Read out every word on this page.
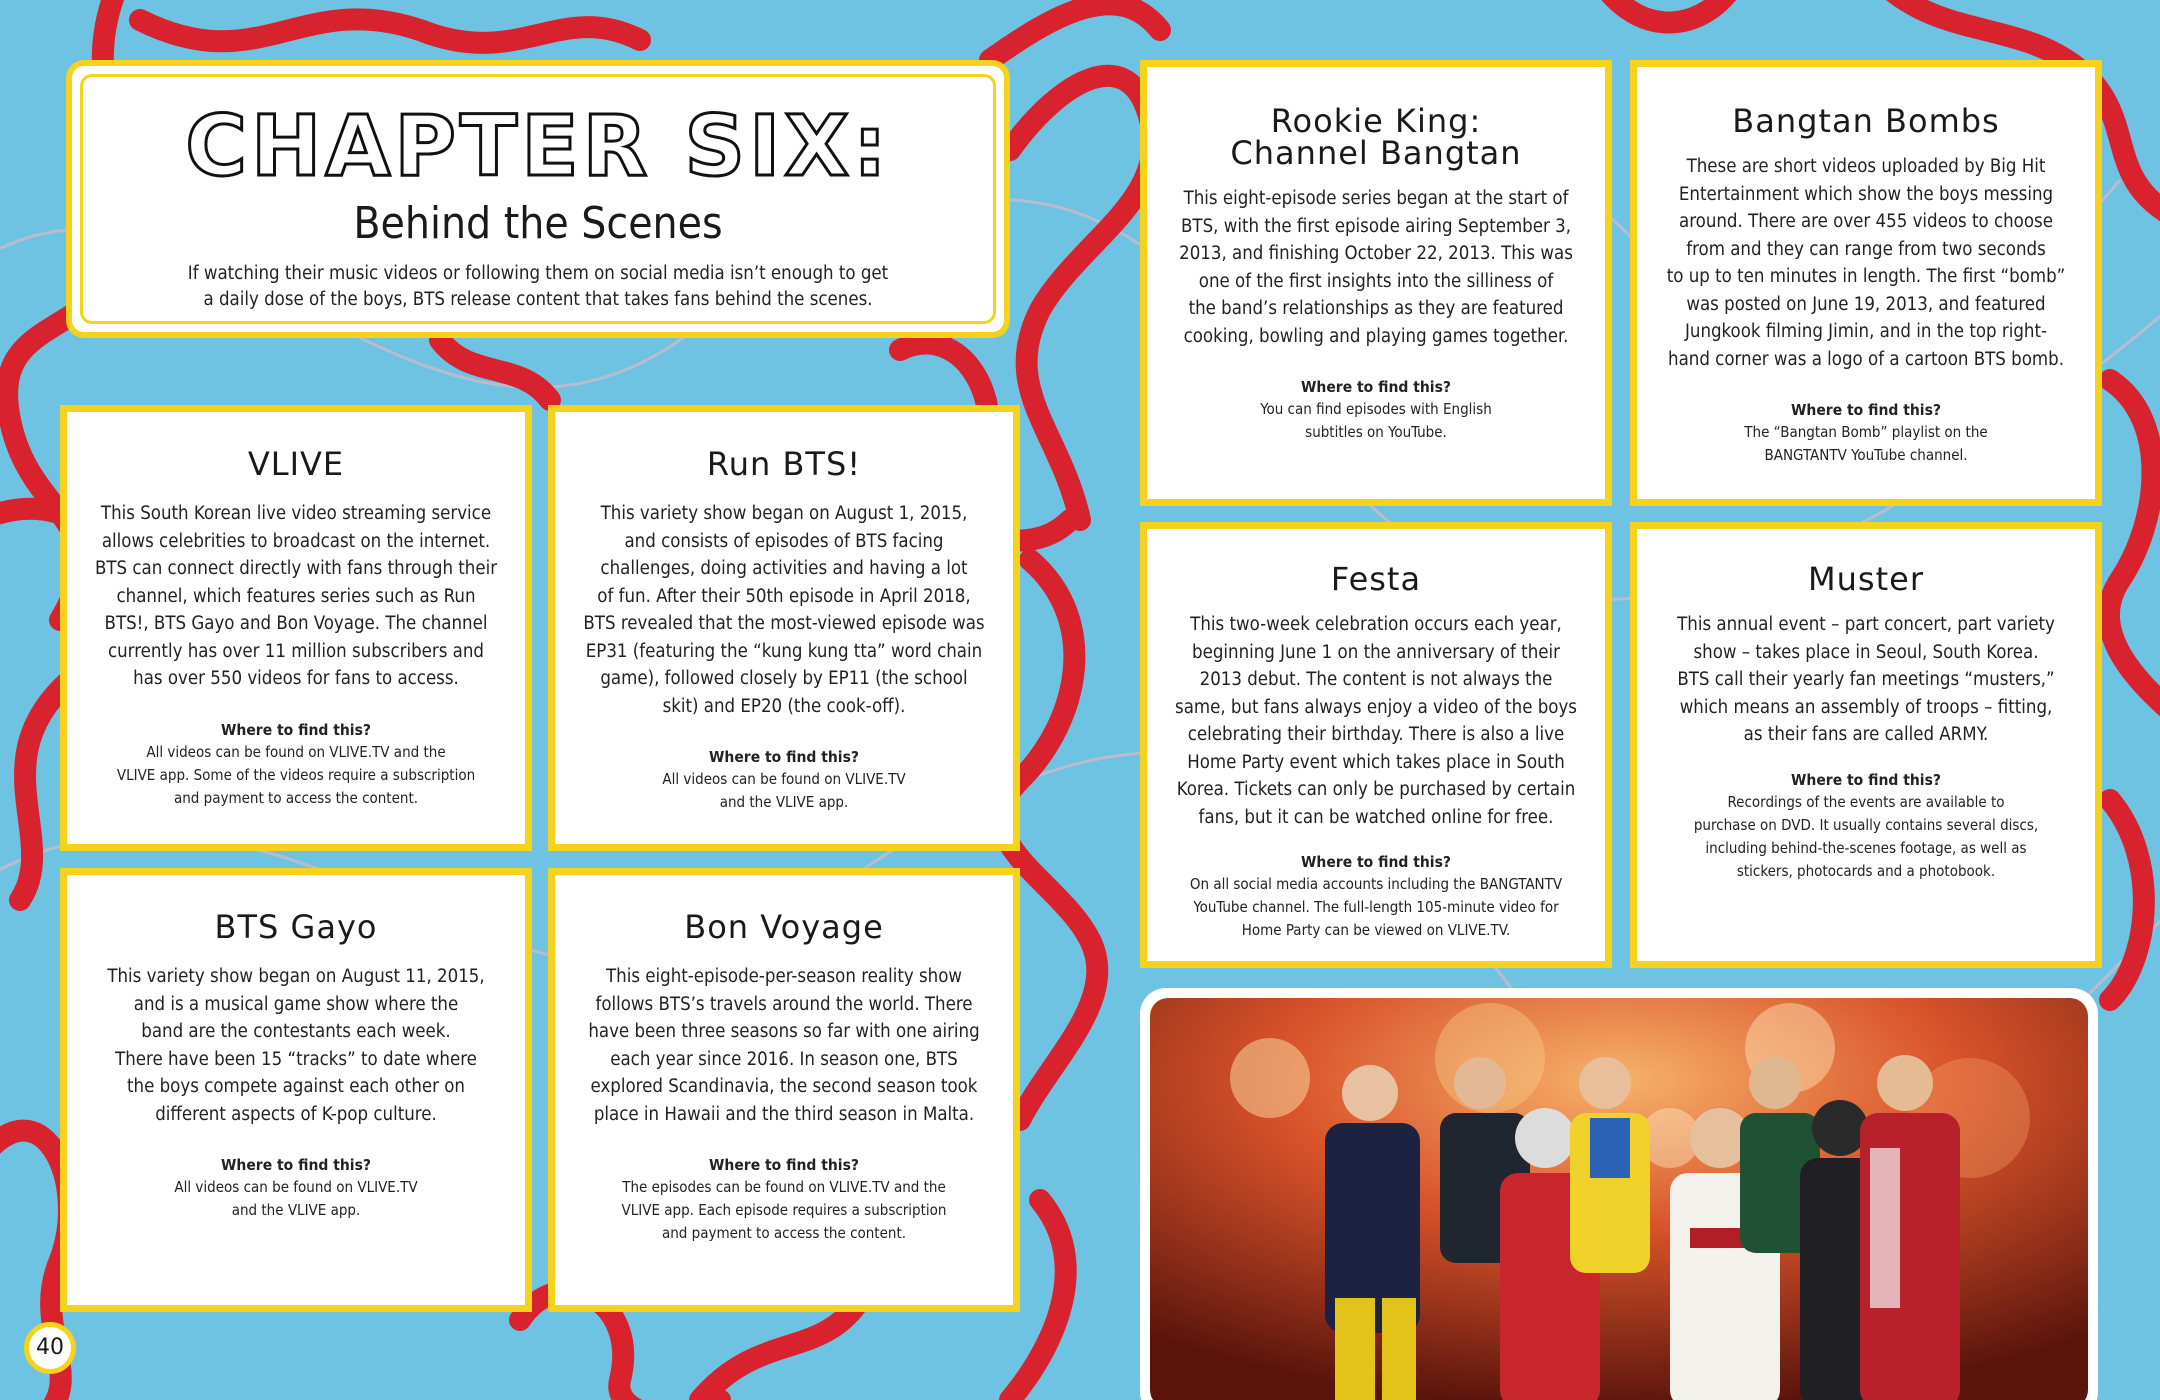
CHAPTER SIX:
Behind the Scenes
If watching their music videos or following them on social media isn’t enough to get
a daily dose of the boys, BTS release content that takes fans behind the scenes.
VLIVE
This South Korean live video streaming service
allows celebrities to broadcast on the internet.
BTS can connect directly with fans through their
channel, which features series such as Run
BTS!, BTS Gayo and Bon Voyage. The channel
currently has over 11 million subscribers and
has over 550 videos for fans to access.
Where to find this?
All videos can be found on VLIVE.TV and the
VLIVE app. Some of the videos require a subscription
and payment to access the content.
Run BTS!
This variety show began on August 1, 2015,
and consists of episodes of BTS facing
challenges, doing activities and having a lot
of fun. After their 50th episode in April 2018,
BTS revealed that the most-viewed episode was
EP31 (featuring the “kung kung tta” word chain
game), followed closely by EP11 (the school
skit) and EP20 (the cook-off).
Where to find this?
All videos can be found on VLIVE.TV
and the VLIVE app.
BTS Gayo
This variety show began on August 11, 2015,
and is a musical game show where the
band are the contestants each week.
There have been 15 “tracks” to date where
the boys compete against each other on
different aspects of K-pop culture.
Where to find this?
All videos can be found on VLIVE.TV
and the VLIVE app.
Bon Voyage
This eight-episode-per-season reality show
follows BTS’s travels around the world. There
have been three seasons so far with one airing
each year since 2016. In season one, BTS
explored Scandinavia, the second season took
place in Hawaii and the third season in Malta.
Where to find this?
The episodes can be found on VLIVE.TV and the
VLIVE app. Each episode requires a subscription
and payment to access the content.
Rookie King:
Channel Bangtan
This eight-episode series began at the start of
BTS, with the first episode airing September 3,
2013, and finishing October 22, 2013. This was
one of the first insights into the silliness of
the band’s relationships as they are featured
cooking, bowling and playing games together.
Where to find this?
You can find episodes with English
subtitles on YouTube.
Bangtan Bombs
These are short videos uploaded by Big Hit
Entertainment which show the boys messing
around. There are over 455 videos to choose
from and they can range from two seconds
to up to ten minutes in length. The first “bomb”
was posted on June 19, 2013, and featured
Jungkook filming Jimin, and in the top right-
hand corner was a logo of a cartoon BTS bomb.
Where to find this?
The “Bangtan Bomb” playlist on the
BANGTANTV YouTube channel.
Festa
This two-week celebration occurs each year,
beginning June 1 on the anniversary of their
2013 debut. The content is not always the
same, but fans always enjoy a video of the boys
celebrating their birthday. There is also a live
Home Party event which takes place in South
Korea. Tickets can only be purchased by certain
fans, but it can be watched online for free.
Where to find this?
On all social media accounts including the BANGTANTV
YouTube channel. The full-length 105-minute video for
Home Party can be viewed on VLIVE.TV.
Muster
This annual event – part concert, part variety
show – takes place in Seoul, South Korea.
BTS call their yearly fan meetings “musters,”
which means an assembly of troops – fitting,
as their fans are called ARMY.
Where to find this?
Recordings of the events are available to
purchase on DVD. It usually contains several discs,
including behind-the-scenes footage, as well as
stickers, photocards and a photobook.
40
